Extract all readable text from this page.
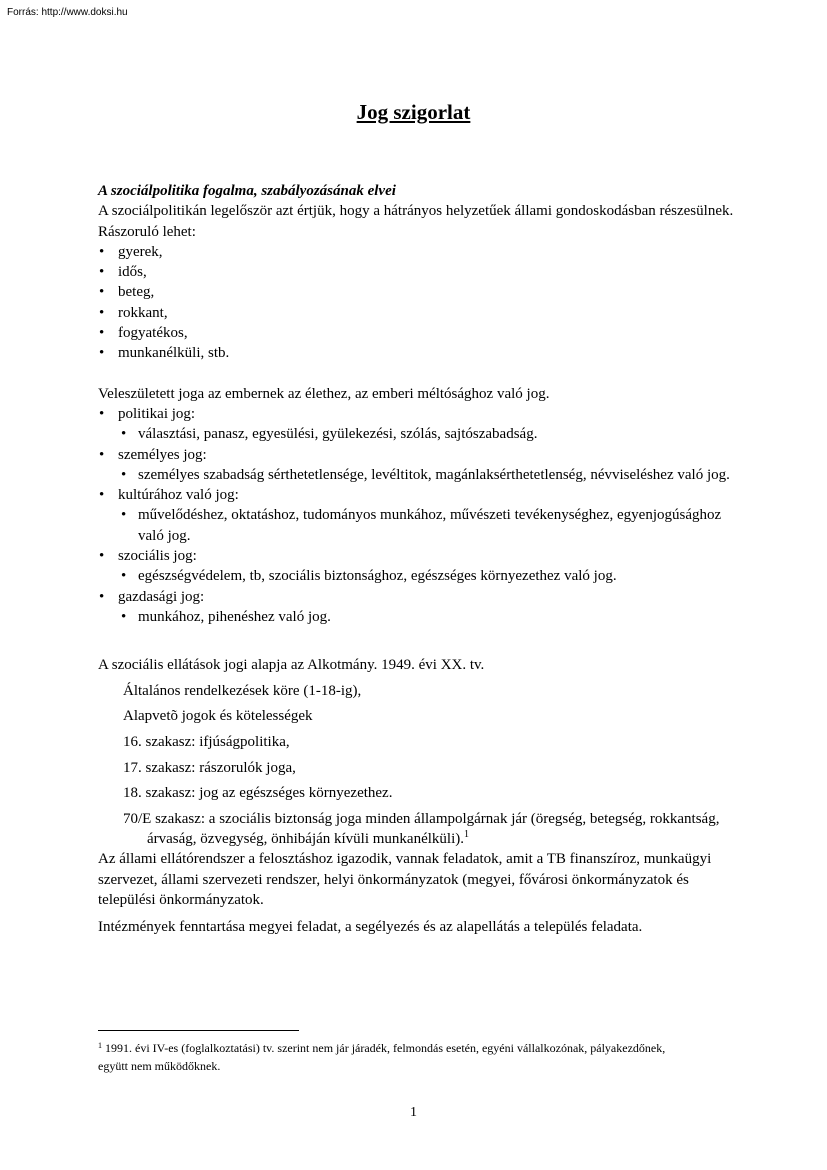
Forrás: http://www.doksi.hu
Jog szigorlat

A szociálpolitika fogalma, szabályozásának elvei

A szociálpolitikán legelőször azt értjük, hogy a hátrányos helyzetűek állami gondoskodásban részesülnek.

Rászoruló lehet:

• gyerek,
• idős,
• beteg,
• rokkant,
• fogyatékos,
• munkanélküli, stb.

Veleszületett joga az embernek az élethez, az emberi méltósághoz való jog.

• politikai jog:
• választási, panasz, egyesülési, gyülekezési, szólás, sajtószabadság.
• személyes jog:
• személyes szabadság sérthetetlensége, levéltitok, magánlaksérthetetlenség, névviseléshez való jog.
• kultúrához való jog:
• művelődéshez, oktatáshoz, tudományos munkához, művészeti tevékenységhez, egyenjogúsághoz való jog.
• szociális jog:
• egészségvédelem, tb, szociális biztonsághoz, egészséges környezethez való jog.
• gazdasági jog:
• munkához, pihenéshez való jog.

A szociális ellátások jogi alapja az Alkotmány. 1949. évi XX. tv.

Általános rendelkezések köre (1-18-ig),

Alapvetõ jogok és kötelességek

16. szakasz: ifjúságpolitika,

17. szakasz: rászorulók joga,

18. szakasz: jog az egészséges környezethez.

70/E szakasz: a szociális biztonság joga minden állampolgárnak jár (öregség, betegség, rokkantság, árvaság, özvegység, önhibáján kívüli munkanélküli).$^1$

Az állami ellátórendszer a felosztáshoz igazodik, vannak feladatok, amit a TB finanszíroz, munkaügyi szervezet, állami szervezeti rendszer, helyi önkormányzatok (megyei, fővárosi önkormányzatok és települési önkormányzatok.

Intézmények fenntartása megyei feladat, a segélyezés és az alapellátás a település feladata.

$^1$ 1991. évi IV-es (foglalkoztatási) tv. szerint nem jár járadék, felmondás esetén, egyéni vállalkozónak, pályakezdőnek, együtt nem működőknek.
1
